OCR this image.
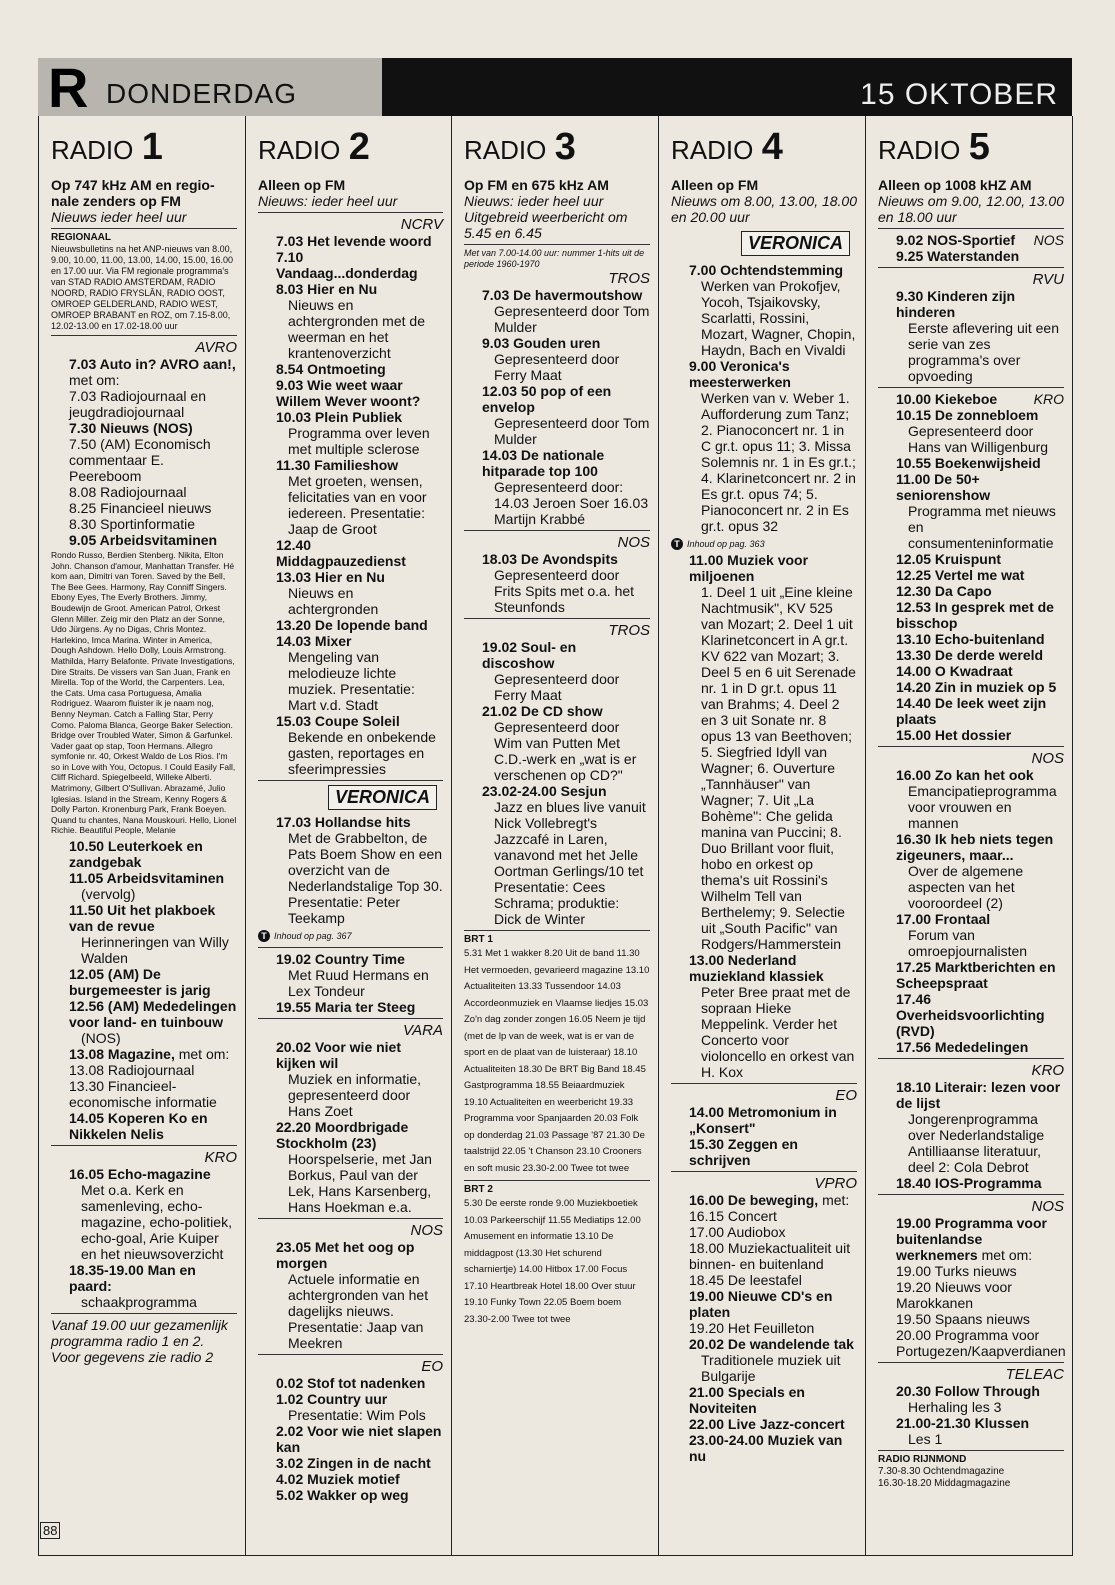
R DONDERDAG	15 OKTOBER
RADIO 1
Op 747 kHz AM en regio-nale zenders op FM
Nieuws ieder heel uur
REGIONAAL
Nieuwsbulletins na het ANP-nieuws van 8.00, 9.00, 10.00, 11.00, 13.00, 14.00, 15.00, 16.00 en 17.00 uur. Via FM regionale programma's van STAD RADIO AMSTERDAM, RADIO NOORD, RADIO FRYSLÂN, RADIO OOST, OMROEP GELDERLAND, RADIO WEST, OMROEP BRABANT en ROZ, om 7.15-8.00, 12.02-13.00 en 17.02-18.00 uur
AVRO
7.03 Auto in? AVRO aan!, met om:
7.03 Radiojournaal en jeugdradiojournaal
7.30 Nieuws (NOS)
7.50 (AM) Economisch commentaar E. Peereboom
8.08 Radiojournaal
8.25 Financieel nieuws
8.30 Sportinformatie
9.05 Arbeidsvitaminen
Rondo Russo, Berdien Stenberg. Nikita, Elton John. Chanson d'amour, Manhattan Transfer. Hé kom aan, Dimitri van Toren. Saved by the Bell, The Bee Gees. Harmony, Ray Conniff Singers. Ebony Eyes, The Everly Brothers. Jimmy, Boudewijn de Groot. American Patrol, Orkest Glenn Miller. Zeig mir den Platz an der Sonne, Udo Jürgens. Ay no Digas, Chris Montez. Harlekino, Imca Marina. Winter in America, Dough Ashdown. Hello Dolly, Louis Armstrong. Mathilda, Harry Belafonte. Private Investigations, Dire Straits. De vissers van San Juan, Frank en Mirella. Top of the World, the Carpenters. Lea, the Cats. Uma casa Portuguesa, Amalia Rodriguez. Waarom fluister ik je naam nog, Benny Neyman. Catch a Falling Star, Perry Como. Paloma Blanca, George Baker Selection. Bridge over Troubled Water, Simon & Garfunkel. Vader gaat op stap, Toon Hermans. Allegro symfonie nr. 40, Orkest Waldo de Los Rios. I'm so in Love with You, Octopus. I Could Easily Fall, Cliff Richard. Spiegelbeeld, Willeke Alberti. Matrimony, Gilbert O'Sullivan. Abrazamé, Julio Iglesias. Island in the Stream, Kenny Rogers & Dolly Parton. Kronenburg Park, Frank Boeyen. Quand tu chantes, Nana Mouskouri. Hello, Lionel Richie. Beautiful People, Melanie
10.50 Leuterkoek en zandgebak
11.05 Arbeidsvitaminen
(vervolg)
11.50 Uit het plakboek van de revue
Herinneringen van Willy Walden
12.05 (AM) De burgemeester is jarig
12.56 (AM) Mededelingen voor land- en tuinbouw
(NOS)
13.08 Magazine, met om:
13.08 Radiojournaal
13.30 Financieel-economische informatie
14.05 Koperen Ko en Nikkelen Nelis
KRO
16.05 Echo-magazine
Met o.a. Kerk en samenleving, echo-magazine, echo-politiek, echo-goal, Arie Kuiper en het nieuwsoverzicht
18.35-19.00 Man en paard:
schaakprogramma
Vanaf 19.00 uur gezamenlijk programma radio 1 en 2. Voor gegevens zie radio 2
RADIO 2
Alleen op FM
Nieuws: ieder heel uur
NCRV
7.03 Het levende woord
7.10 Vandaag...donderdag
8.03 Hier en Nu
Nieuws en achtergronden met de weerman en het krantenoverzicht
8.54 Ontmoeting
9.03 Wie weet waar Willem Wever woont?
10.03 Plein Publiek
Programma over leven met multiple sclerose
11.30 Familieshow
Met groeten, wensen, felicitaties van en voor iedereen. Presentatie: Jaap de Groot
12.40 Middagpauzedienst
13.03 Hier en Nu
Nieuws en achtergronden
13.20 De lopende band
14.03 Mixer
Mengeling van melodieuze lichte muziek. Presentatie: Mart v.d. Stadt
15.03 Coupe Soleil
Bekende en onbekende gasten, reportages en sfeerimpressies
VERONICA
17.03 Hollandse hits
Met de Grabbelton, de Pats Boem Show en een overzicht van de Nederlandstalige Top 30. Presentatie: Peter Teekamp
T Inhoud op pag. 367
19.02 Country Time
Met Ruud Hermans en Lex Tondeur
19.55 Maria ter Steeg
VARA
20.02 Voor wie niet kijken wil
Muziek en informatie, gepresenteerd door Hans Zoet
22.20 Moordbrigade Stockholm (23)
Hoorspelserie, met Jan Borkus, Paul van der Lek, Hans Karsenberg, Hans Hoekman e.a.
NOS
23.05 Met het oog op morgen
Actuele informatie en achtergronden van het dagelijks nieuws. Presentatie: Jaap van Meekren
EO
0.02 Stof tot nadenken
1.02 Country uur
Presentatie: Wim Pols
2.02 Voor wie niet slapen kan
3.02 Zingen in de nacht
4.02 Muziek motief
5.02 Wakker op weg
RADIO 3
Op FM en 675 kHz AM
Nieuws: ieder heel uur Uitgebreid weerbericht om 5.45 en 6.45
Met van 7.00-14.00 uur: nummer 1-hits uit de periode 1960-1970
TROS
7.03 De havermoutshow
Gepresenteerd door Tom Mulder
9.03 Gouden uren
Gepresenteerd door Ferry Maat
12.03 50 pop of een envelop
Gepresenteerd door Tom Mulder
14.03 De nationale hitparade top 100
Gepresenteerd door: 14.03 Jeroen Soer 16.03 Martijn Krabbé
NOS
18.03 De Avondspits
Gepresenteerd door Frits Spits met o.a. het Steunfonds
TROS
19.02 Soul- en discoshow
Gepresenteerd door Ferry Maat
21.02 De CD show
Gepresenteerd door Wim van Putten Met C.D.-werk en „wat is er verschenen op CD?"
23.02-24.00 Sesjun
Jazz en blues live vanuit Nick Vollebregt's Jazzcafé in Laren, vanavond met het Jelle Oortman Gerlings/10 tet Presentatie: Cees Schrama; produktie: Dick de Winter
BRT 1
5.31 Met 1 wakker 8.20 Uit de band 11.30 Het vermoeden, gevarieerd magazine 13.10 Actualiteiten 13.33 Tussendoor 14.03 Accordeonmuziek en Vlaamse liedjes 15.03 Zo'n dag zonder zongen 16.05 Neem je tijd (met de lp van de week, wat is er van de sport en de plaat van de luisteraar) 18.10 Actualiteiten 18.30 De BRT Big Band 18.45 Gastprogramma 18.55 Beiaardmuziek 19.10 Actualiteiten en weerbericht 19.33 Programma voor Spanjaarden 20.03 Folk op donderdag 21.03 Passage '87 21.30 De taalstrijd 22.05 't Chanson 23.10 Crooners en soft music 23.30-2.00 Twee tot twee
BRT 2
5.30 De eerste ronde 9.00 Muziekboetiek 10.03 Parkeerschijf 11.55 Mediatips 12.00 Amusement en informatie 13.10 De middagpost (13.30 Het schurend scharniertje) 14.00 Hitbox 17.00 Focus 17.10 Heartbreak Hotel 18.00 Over stuur 19.10 Funky Town 22.05 Boem boem 23.30-2.00 Twee tot twee
RADIO 4
Alleen op FM
Nieuws om 8.00, 13.00, 18.00 en 20.00 uur
VERONICA
7.00 Ochtendstemming
Werken van Prokofjev, Yocoh, Tsjaikovsky, Scarlatti, Rossini, Mozart, Wagner, Chopin, Haydn, Bach en Vivaldi
9.00 Veronica's meesterwerken
Werken van v. Weber 1. Aufforderung zum Tanz; 2. Pianoconcert nr. 1 in C gr.t. opus 11; 3. Missa Solemnis nr. 1 in Es gr.t.; 4. Klarinetconcert nr. 2 in Es gr.t. opus 74; 5. Pianoconcert nr. 2 in Es gr.t. opus 32
T Inhoud op pag. 363
11.00 Muziek voor miljoenen
1. Deel 1 uit „Eine kleine Nachtmusik", KV 525 van Mozart; 2. Deel 1 uit Klarinetconcert in A gr.t. KV 622 van Mozart; 3. Deel 5 en 6 uit Serenade nr. 1 in D gr.t. opus 11 van Brahms; 4. Deel 2 en 3 uit Sonate nr. 8 opus 13 van Beethoven; 5. Siegfried Idyll van Wagner; 6. Ouverture „Tannhäuser" van Wagner; 7. Uit „La Bohème": Che gelida manina van Puccini; 8. Duo Brillant voor fluit, hobo en orkest op thema's uit Rossini's Wilhelm Tell van Berthelemy; 9. Selectie uit „South Pacific" van Rodgers/Hammerstein
13.00 Nederland muziekland klassiek
Peter Bree praat met de sopraan Hieke Meppelink. Verder het Concerto voor violoncello en orkest van H. Kox
EO
14.00 Metromonium in „Konsert"
15.30 Zeggen en schrijven
VPRO
16.00 De beweging, met:
16.15 Concert
17.00 Audiobox
18.00 Muziekactualiteit uit binnen- en buitenland
18.45 De leestafel
19.00 Nieuwe CD's en platen
19.20 Het Feuilleton
20.02 De wandelende tak
Traditionele muziek uit Bulgarije
21.00 Specials en Noviteiten
22.00 Live Jazz-concert
23.00-24.00 Muziek van nu
RADIO 5
Alleen op 1008 kHZ AM
Nieuws om 9.00, 12.00, 13.00 en 18.00 uur
9.02 NOS-Sportief NOS
9.25 Waterstanden
RVU
9.30 Kinderen zijn hinderen
Eerste aflevering uit een serie van zes programma's over opvoeding
10.00 Kiekeboe	KRO
10.15 De zonnebloem
Gepresenteerd door Hans van Willigenburg
10.55 Boekenwijsheid
11.00 De 50+ seniorenshow
Programma met nieuws en consumenteninformatie
12.05 Kruispunt
12.25 Vertel me wat
12.30 Da Capo
12.53 In gesprek met de bisschop
13.10 Echo-buitenland
13.30 De derde wereld
14.00 O Kwadraat
14.20 Zin in muziek op 5
14.40 De leek weet zijn plaats
15.00 Het dossier
NOS
16.00 Zo kan het ook
Emancipatieprogramma voor vrouwen en mannen
16.30 Ik heb niets tegen zigeuners, maar...
Over de algemene aspecten van het vooroordeel (2)
17.00 Frontaal
Forum van omroepjournalisten
17.25 Marktberichten en Scheepspraat
17.46 Overheidsvoorlichting (RVD)
17.56 Mededelingen
KRO
18.10 Literair: lezen voor de lijst
Jongerenprogramma over Nederlandstalige Antilliaanse literatuur, deel 2: Cola Debrot
18.40 IOS-Programma
NOS
19.00 Programma voor buitenlandse werknemers met om:
19.00 Turks nieuws
19.20 Nieuws voor Marokkanen
19.50 Spaans nieuws
20.00 Programma voor Portugezen/Kaapverdianen
TELEAC
20.30 Follow Through
Herhaling les 3
21.00-21.30 Klussen
Les 1
RADIO RIJNMOND
7.30-8.30 Ochtendmagazine
16.30-18.20 Middagmagazine
88
